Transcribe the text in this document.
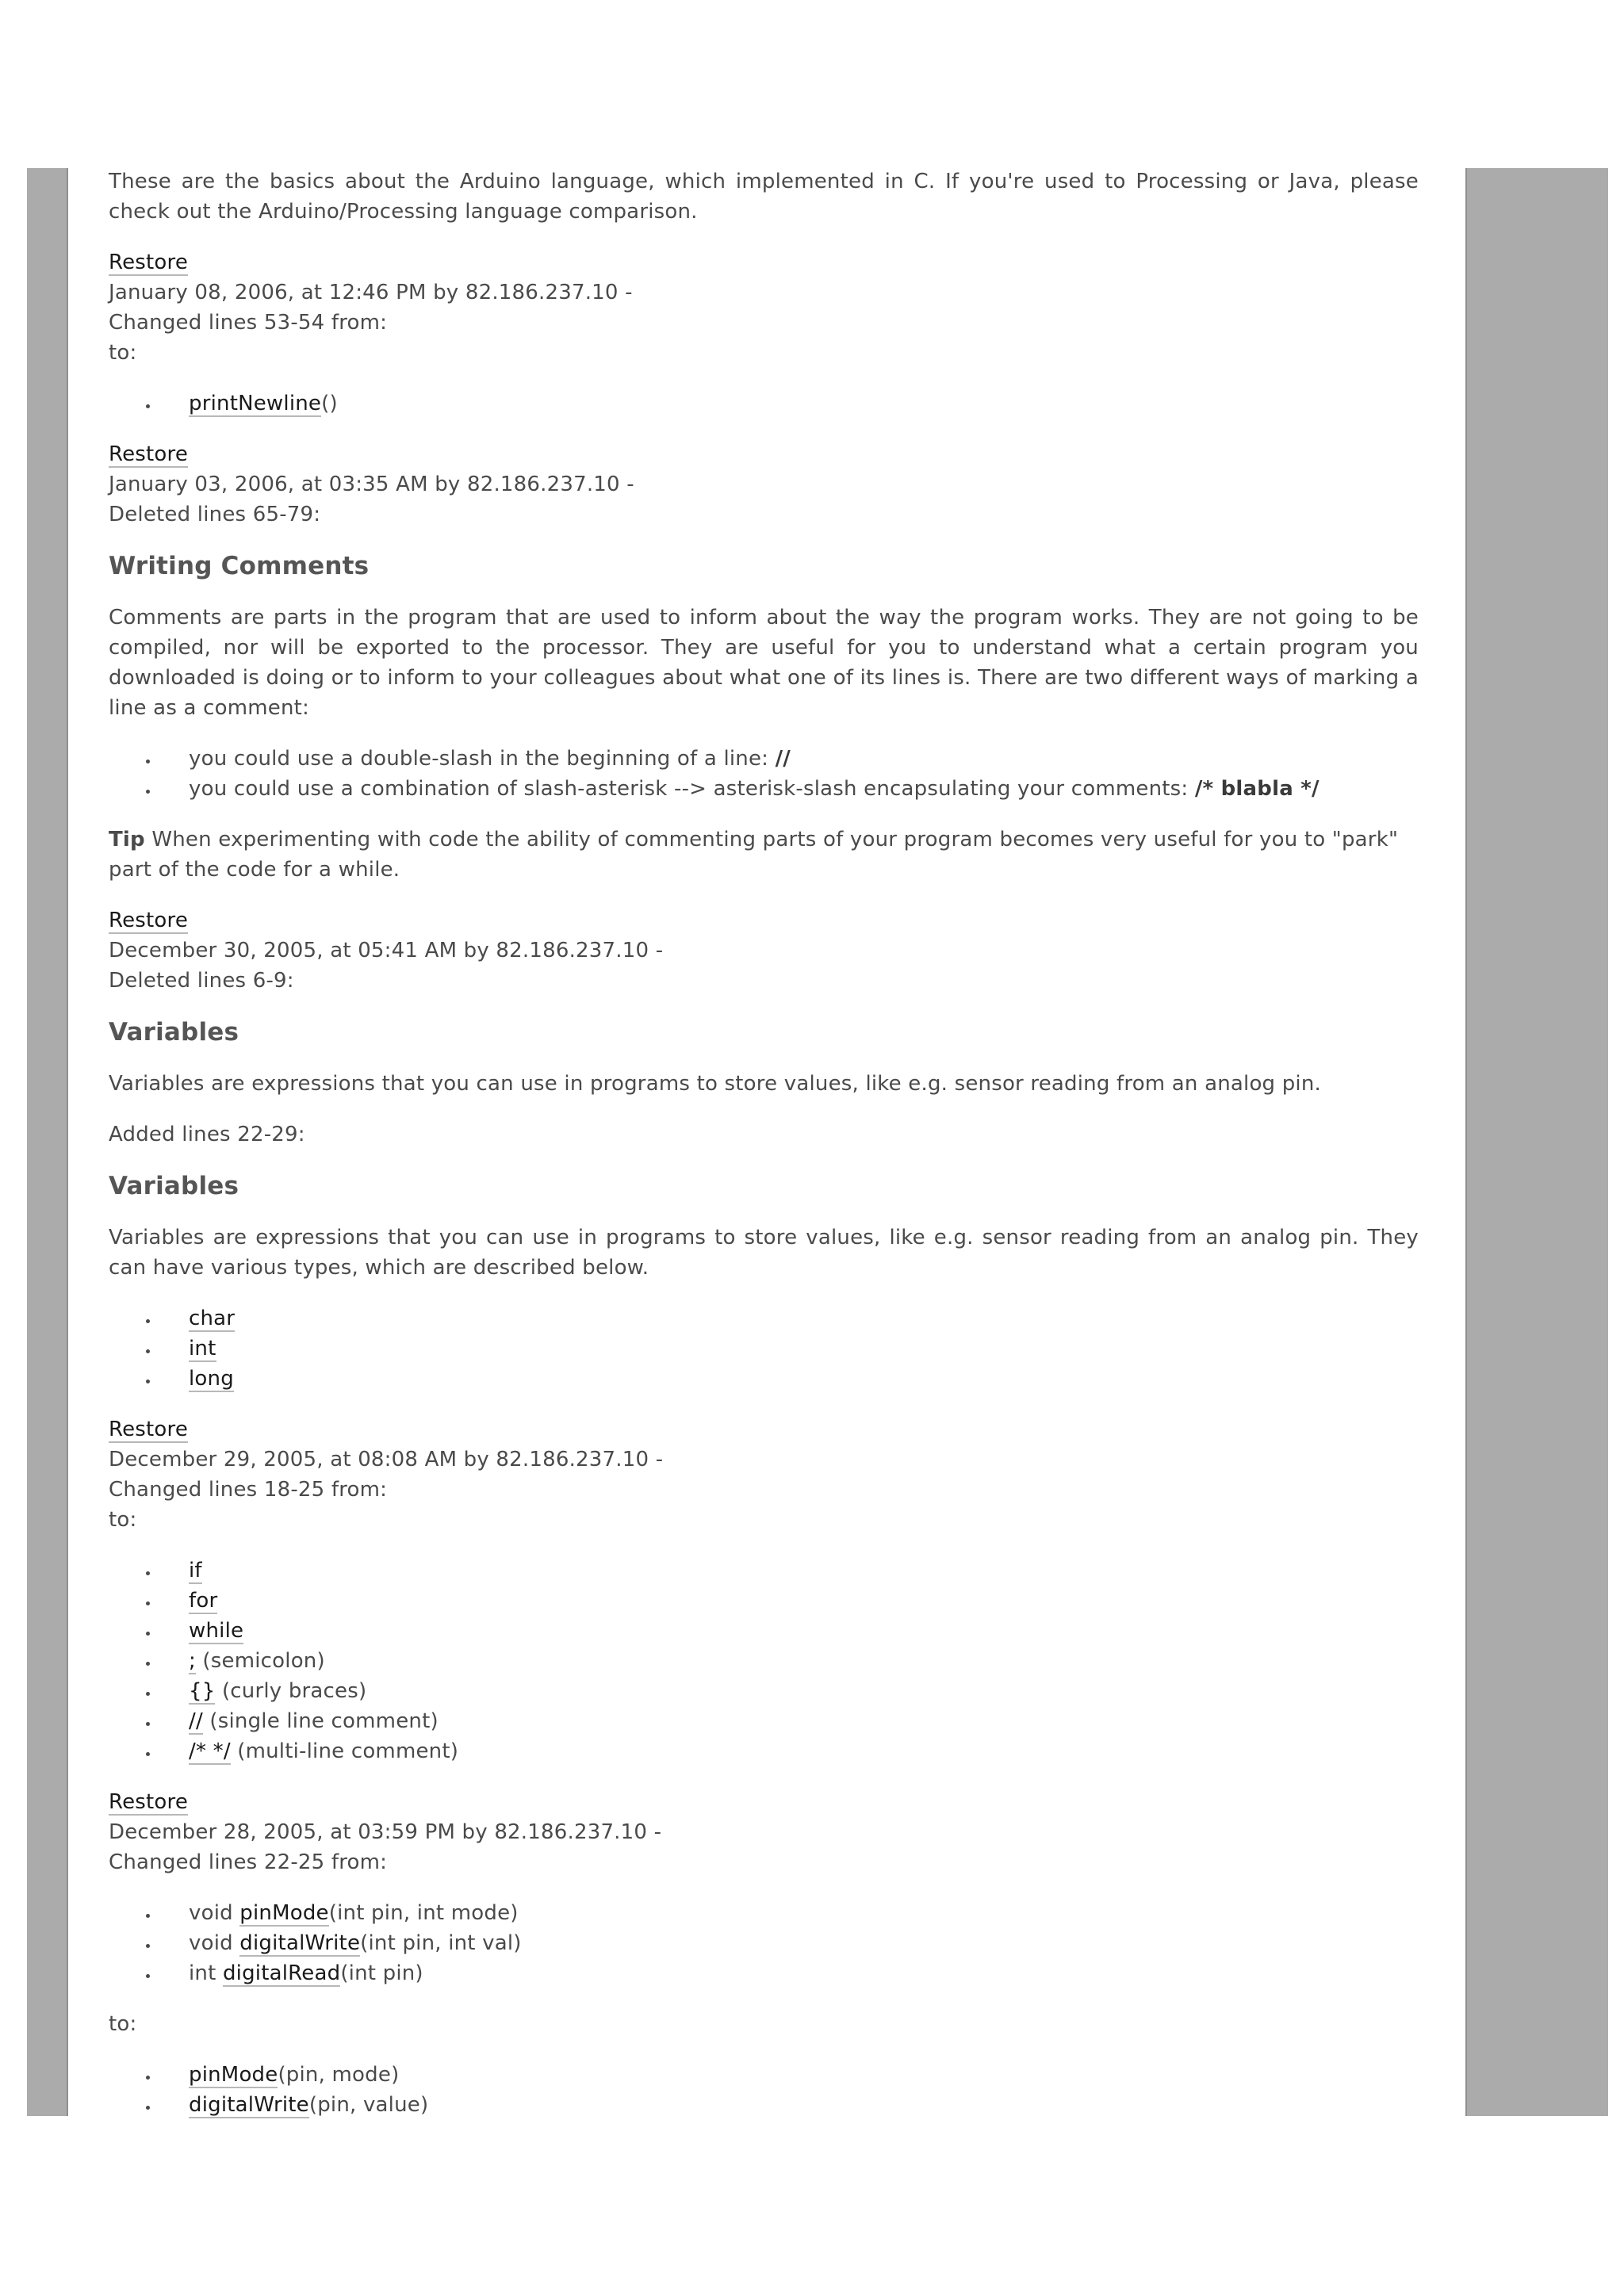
These are the basics about the Arduino language, which implemented in C. If you're used to Processing or Java, please check out the Arduino/Processing language comparison.

Restore
January 08, 2006, at 12:46 PM by 82.186.237.10 -
Changed lines 53-54 from:
to:
• printNewline()
Restore
January 03, 2006, at 03:35 AM by 82.186.237.10 -
Deleted lines 65-79:
Writing Comments

Comments are parts in the program that are used to inform about the way the program works. They are not going to be compiled, nor will be exported to the processor. They are useful for you to understand what a certain program you downloaded is doing or to inform to your colleagues about what one of its lines is. There are two different ways of marking a line as a comment:

• you could use a double-slash in the beginning of a line: //
• you could use a combination of slash-asterisk --> asterisk-slash encapsulating your comments: /* blabla */

Tip When experimenting with code the ability of commenting parts of your program becomes very useful for you to "park" part of the code for a while.

Restore
December 30, 2005, at 05:41 AM by 82.186.237.10 -
Deleted lines 6-9:
Variables

Variables are expressions that you can use in programs to store values, like e.g. sensor reading from an analog pin.

Added lines 22-29:

Variables

Variables are expressions that you can use in programs to store values, like e.g. sensor reading from an analog pin. They can have various types, which are described below.

• char
• int
• long
Restore
December 29, 2005, at 08:08 AM by 82.186.237.10 -
Changed lines 18-25 from:
to:
• if
• for
• while
• ; (semicolon)
• {} (curly braces)
• // (single line comment)
• /* */ (multi-line comment)
Restore
December 28, 2005, at 03:59 PM by 82.186.237.10 -
Changed lines 22-25 from:
• void pinMode(int pin, int mode)
• void digitalWrite(int pin, int val)
• int digitalRead(int pin)

to:

• pinMode(pin, mode)
• digitalWrite(pin, value)
